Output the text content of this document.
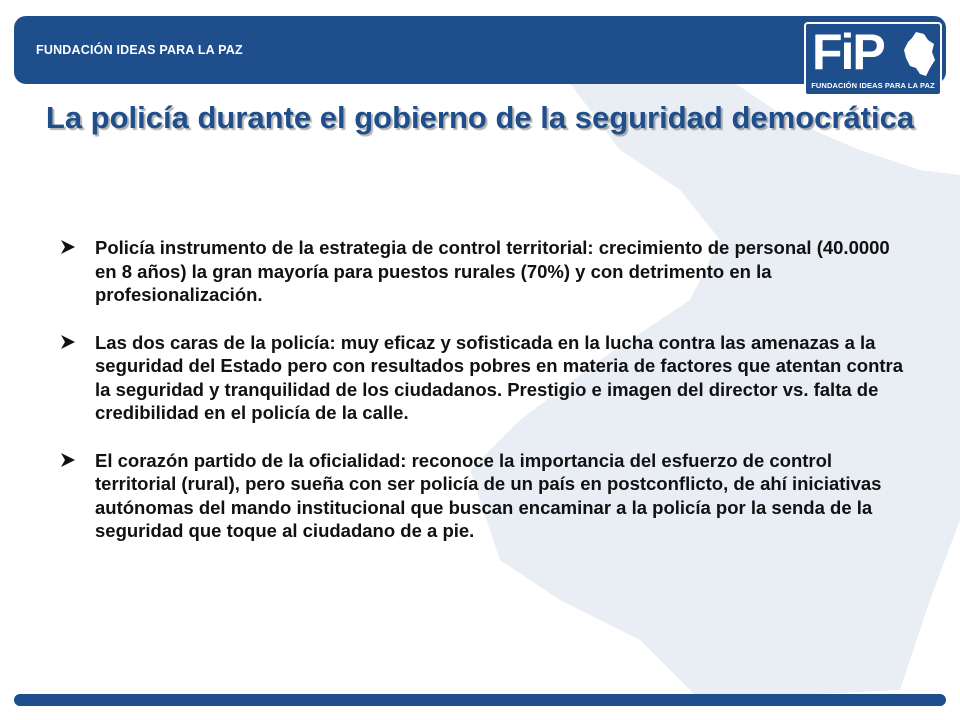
FUNDACIÓN IDEAS PARA LA PAZ	FiP
FUNDACIÓN IDEAS PARA LA PAZ
La policía durante el gobierno de la seguridad democrática
Policía instrumento de la estrategia de control territorial: crecimiento de personal (40.0000 en 8 años) la gran mayoría para puestos rurales (70%) y con detrimento en la profesionalización.
Las dos caras de la policía: muy eficaz y sofisticada en la lucha contra las amenazas a la seguridad del Estado pero con resultados pobres en materia de factores que atentan contra la seguridad y tranquilidad de los ciudadanos. Prestigio e imagen del director vs. falta de credibilidad en el policía de la calle.
El corazón partido de la oficialidad: reconoce la importancia del esfuerzo de control territorial (rural), pero sueña con ser policía de un país en postconflicto, de ahí iniciativas autónomas del mando institucional que buscan encaminar a la policía por la senda de la seguridad que toque al ciudadano de a pie.
